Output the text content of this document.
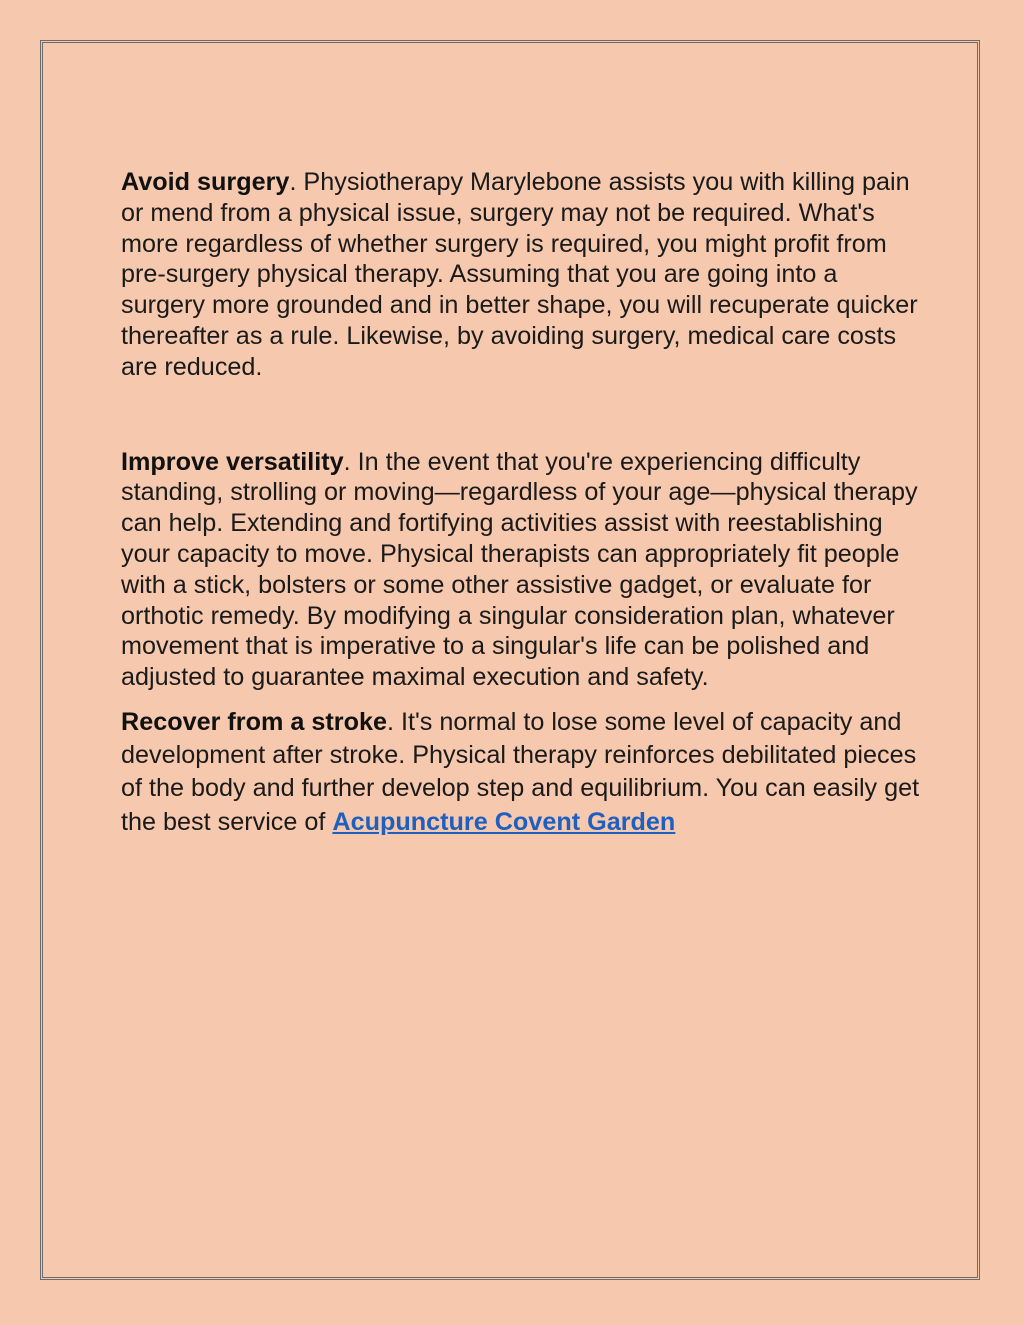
Avoid surgery. Physiotherapy Marylebone assists you with killing pain or mend from a physical issue, surgery may not be required. What's more regardless of whether surgery is required, you might profit from pre-surgery physical therapy. Assuming that you are going into a surgery more grounded and in better shape, you will recuperate quicker thereafter as a rule. Likewise, by avoiding surgery, medical care costs are reduced.

Improve versatility. In the event that you're experiencing difficulty standing, strolling or moving—regardless of your age—physical therapy can help. Extending and fortifying activities assist with reestablishing your capacity to move. Physical therapists can appropriately fit people with a stick, bolsters or some other assistive gadget, or evaluate for orthotic remedy. By modifying a singular consideration plan, whatever movement that is imperative to a singular's life can be polished and adjusted to guarantee maximal execution and safety.

Recover from a stroke. It's normal to lose some level of capacity and development after stroke. Physical therapy reinforces debilitated pieces of the body and further develop step and equilibrium. You can easily get the best service of Acupuncture Covent Garden
